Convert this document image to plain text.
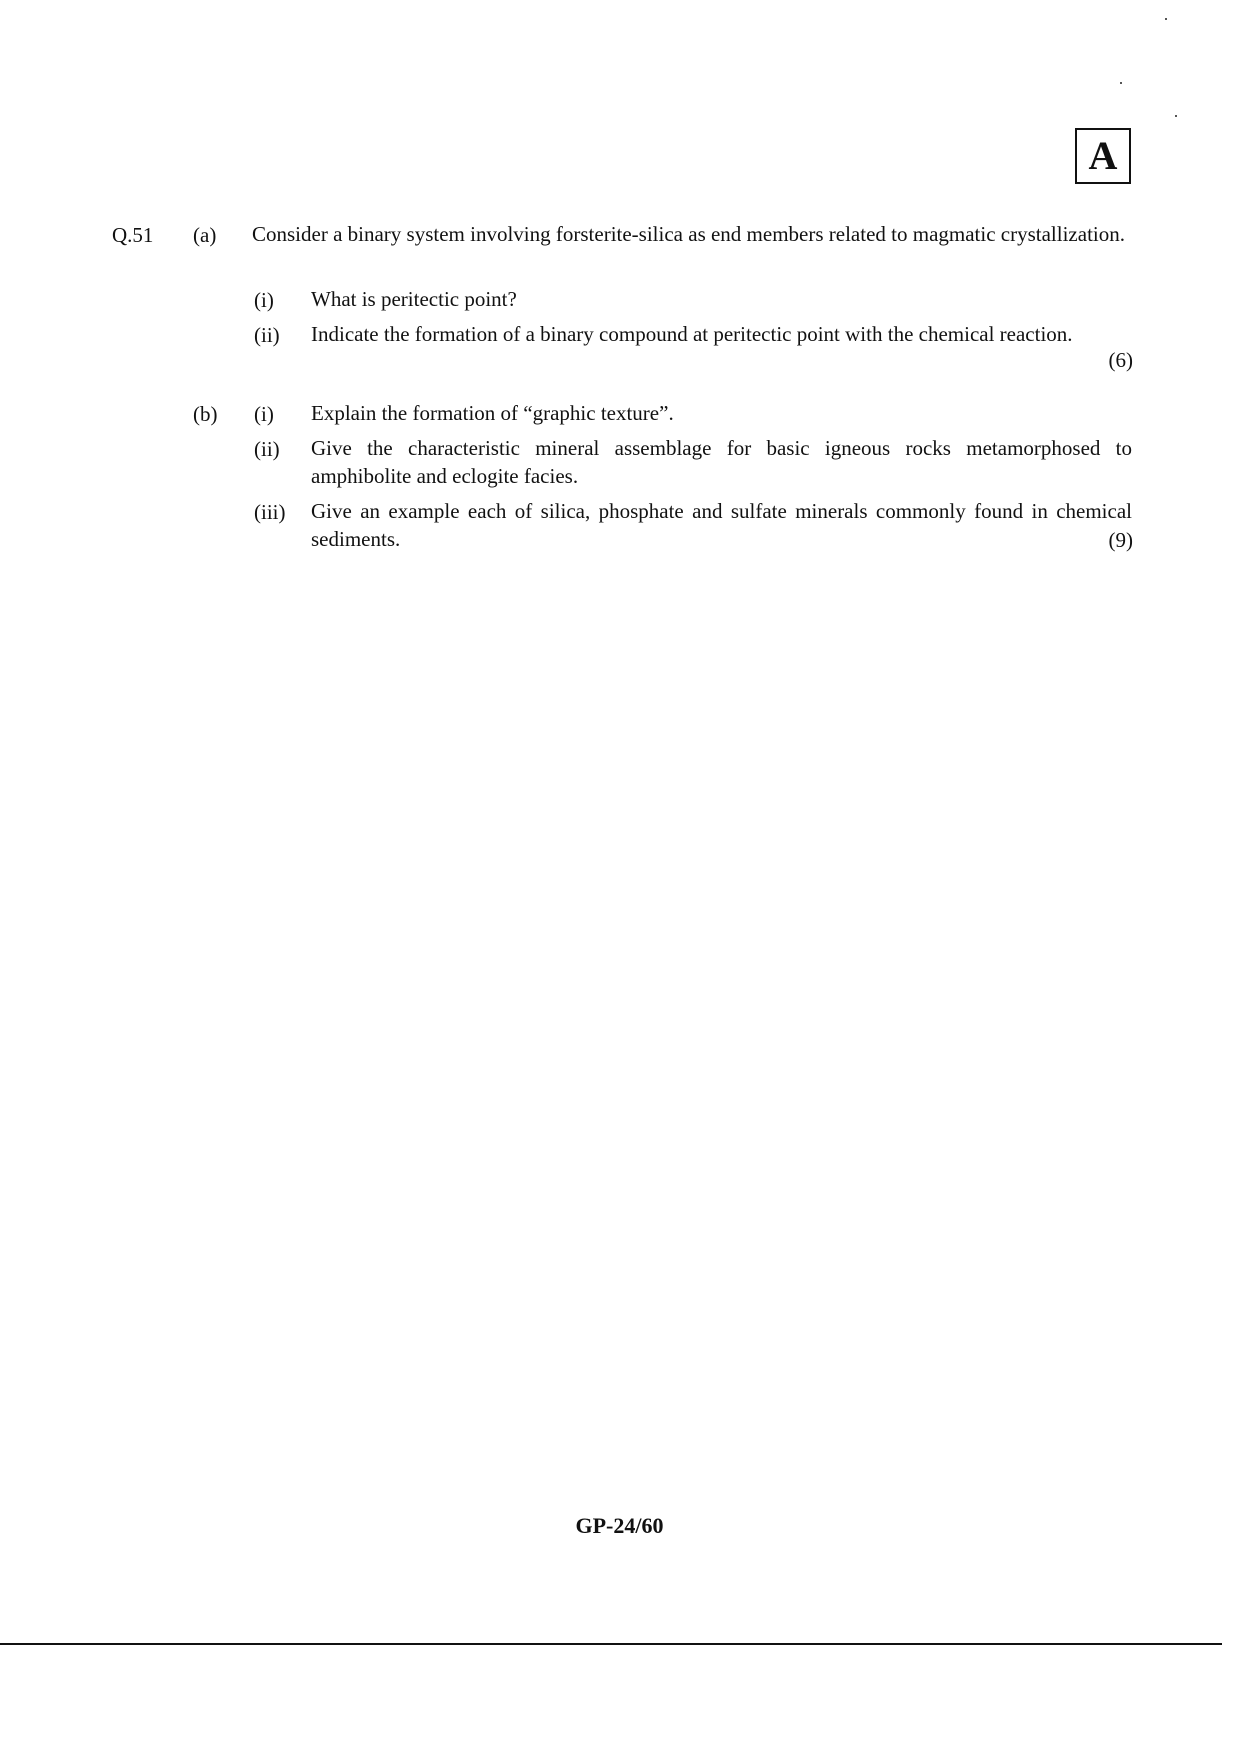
A
Q.51 (a) Consider a binary system involving forsterite-silica as end members related to magmatic crystallization.
(i) What is peritectic point?
(ii) Indicate the formation of a binary compound at peritectic point with the chemical reaction.
(6)
(b) (i) Explain the formation of “graphic texture”.
(ii) Give the characteristic mineral assemblage for basic igneous rocks metamorphosed to amphibolite and eclogite facies.
(iii) Give an example each of silica, phosphate and sulfate minerals commonly found in chemical sediments.	(9)
GP-24/60
